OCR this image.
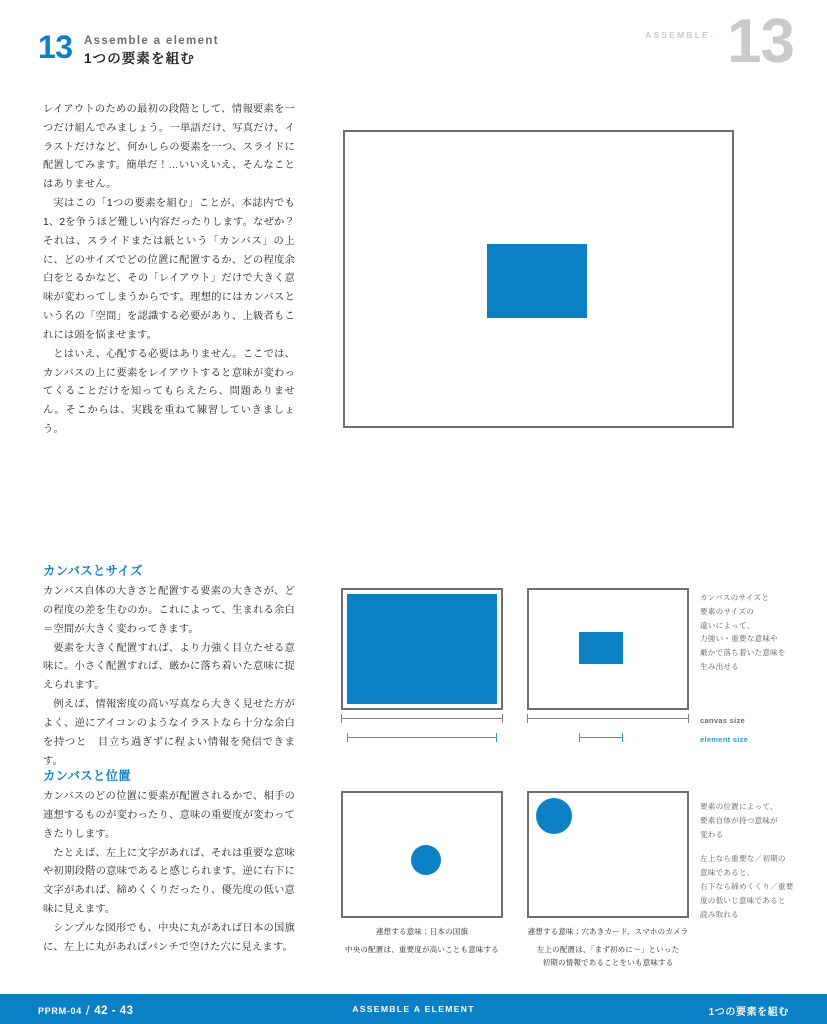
13 Assemble a element
1つの要素を組む
ASSEMBLE- 13

レイアウトのための最初の段階として、情報要素を一つだけ組んでみましょう。一単語だけ、写真だけ、イラストだけなど、何かしらの要素を一つ、スライドに配置してみます。簡単だ！…いいえいえ、そんなことはありません。

実はこの「1つの要素を組む」ことが、本誌内でも1、2を争うほど難しい内容だったりします。なぜか？それは、スライドまたは紙という「カンバス」の上に、どのサイズでどの位置に配置するか、どの程度余白をとるかなど、その「レイアウト」だけで大きく意味が変わってしまうからです。理想的にはカンバスという名の「空間」を認識する必要があり、上級者もこれには頭を悩ませます。

とはいえ、心配する必要はありません。ここでは、カンバスの上に要素をレイアウトすると意味が変わってくることだけを知ってもらえたら、問題ありません。そこからは、実践を重ねて練習していきましょう。

カンバスとサイズ

カンバス自体の大きさと配置する要素の大きさが、どの程度の差を生むのか。これによって、生まれる余白＝空間が大きく変わってきます。

要素を大きく配置すれば、より力強く目立たせる意味に。小さく配置すれば、厳かに落ち着いた意味に捉えられます。

例えば、情報密度の高い写真なら大きく見せた方がよく、逆にアイコンのようなイラストなら十分な余白を持つと　目立ち過ぎずに程よい情報を発信できます。

カンバスと位置

カンバスのどの位置に要素が配置されるかで、相手の連想するものが変わったり、意味の重要度が変わってきたりします。

たとえば、左上に文字があれば、それは重要な意味や初期段階の意味であると感じられます。逆に右下に文字があれば、締めくくりだったり、優先度の低い意味に見えます。

シンプルな図形でも、中央に丸があれば日本の国旗に、左上に丸があればパンチで空けた穴に見えます。

canvas size
element size
カンバスのサイズと
要素のサイズの
違いによって、
力強い・重要な意味や
厳かで落ち着いた意味を
生み出せる
連想する意味：日本の国旗
中央の配置は、重要度が高いことも意味する
連想する意味：穴あきカード、スマホのカメラ
左上の配置は、「まず初めに〜」といった
初期の情報であることをいも意味する
要素の位置によって、
要素自体が持つ意味が
変わる
左上なら重要な／初期の
意味であると、
右下なら締めくくり／重要
度の低いじ意味であると
読み取れる
PPRM-04 / 42 - 43	ASSEMBLE A ELEMENT	1つの要素を組む
